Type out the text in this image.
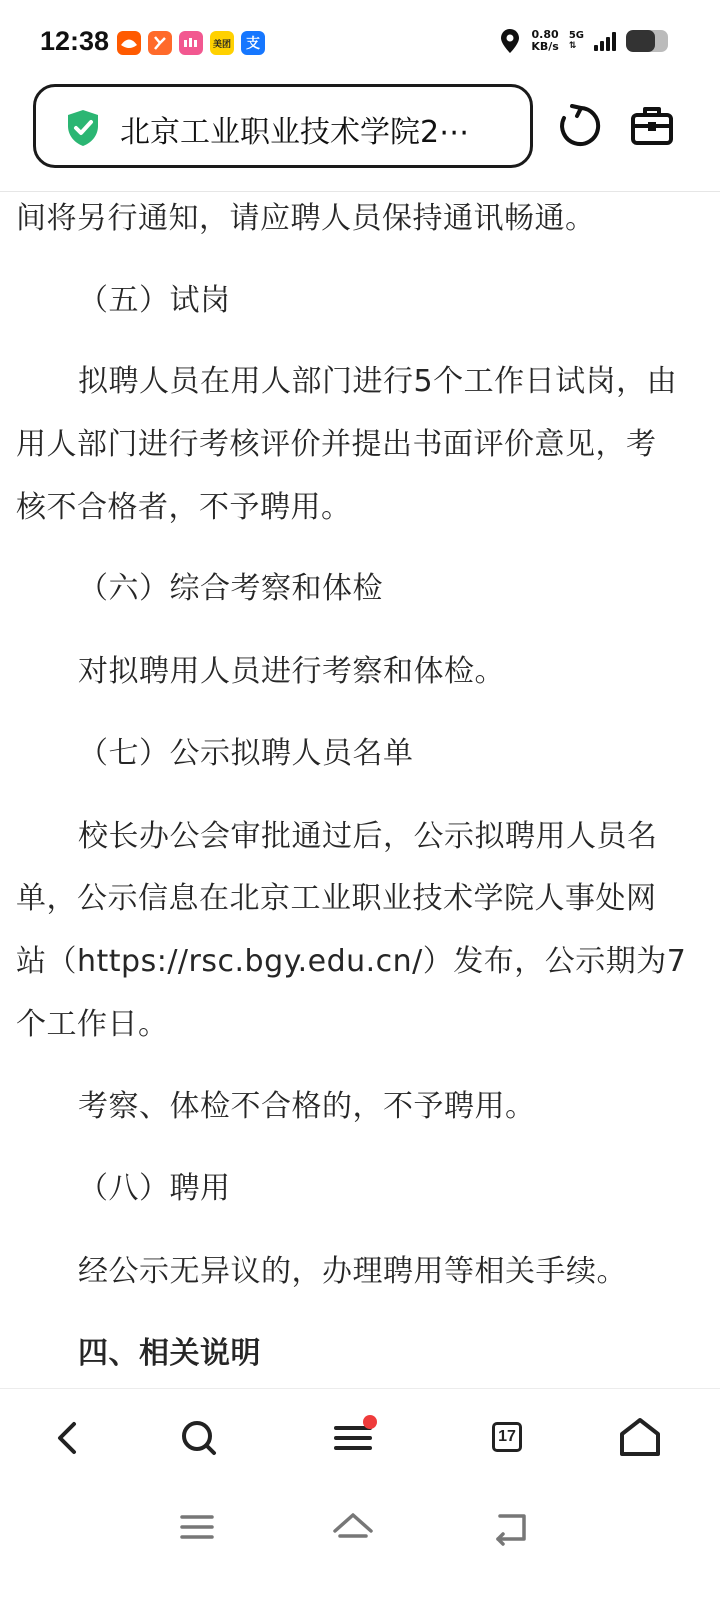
12:38	美团	支
0.80
KB/s
5G
⇅
北京工业职业技术学院2⋯
间将另行通知，请应聘人员保持通讯畅通。
（五）试岗
拟聘人员在用人部门进行5个工作日试岗，由
用人部门进行考核评价并提出书面评价意见，考
核不合格者，不予聘用。
（六）综合考察和体检
对拟聘用人员进行考察和体检。
（七）公示拟聘人员名单
校长办公会审批通过后，公示拟聘用人员名
单，公示信息在北京工业职业技术学院人事处网
站（https://rsc.bgy.edu.cn/）发布，公示期为7
个工作日。
考察、体检不合格的，不予聘用。
（八）聘用
经公示无异议的，办理聘用等相关手续。
四、相关说明
17
